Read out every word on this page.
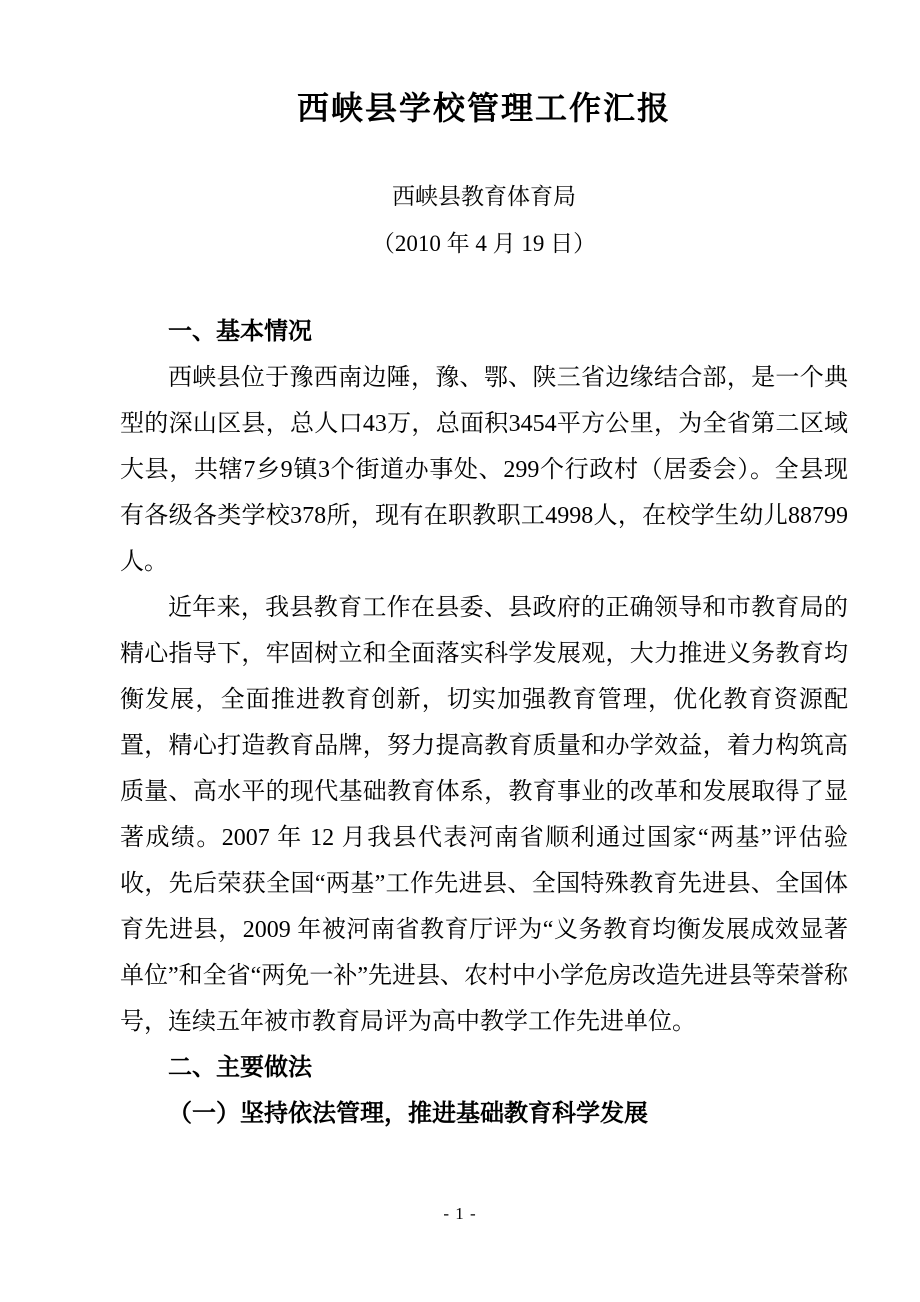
西峡县学校管理工作汇报

西峡县教育体育局

（2010 年 4 月 19 日）

一、基本情况

西峡县位于豫西南边陲，豫、鄂、陕三省边缘结合部，是一个典型的深山区县，总人口43万，总面积3454平方公里，为全省第二区域大县，共辖7乡9镇3个街道办事处、299个行政村（居委会）。全县现有各级各类学校378所，现有在职教职工4998人，在校学生幼儿88799人。

近年来，我县教育工作在县委、县政府的正确领导和市教育局的精心指导下，牢固树立和全面落实科学发展观，大力推进义务教育均衡发展，全面推进教育创新，切实加强教育管理，优化教育资源配置，精心打造教育品牌，努力提高教育质量和办学效益，着力构筑高质量、高水平的现代基础教育体系，教育事业的改革和发展取得了显著成绩。2007 年 12 月我县代表河南省顺利通过国家“两基”评估验收，先后荣获全国“两基”工作先进县、全国特殊教育先进县、全国体育先进县，2009 年被河南省教育厅评为“义务教育均衡发展成效显著单位”和全省“两免一补”先进县、农村中小学危房改造先进县等荣誉称号，连续五年被市教育局评为高中教学工作先进单位。

二、主要做法
（一）坚持依法管理，推进基础教育科学发展
- 1 -
